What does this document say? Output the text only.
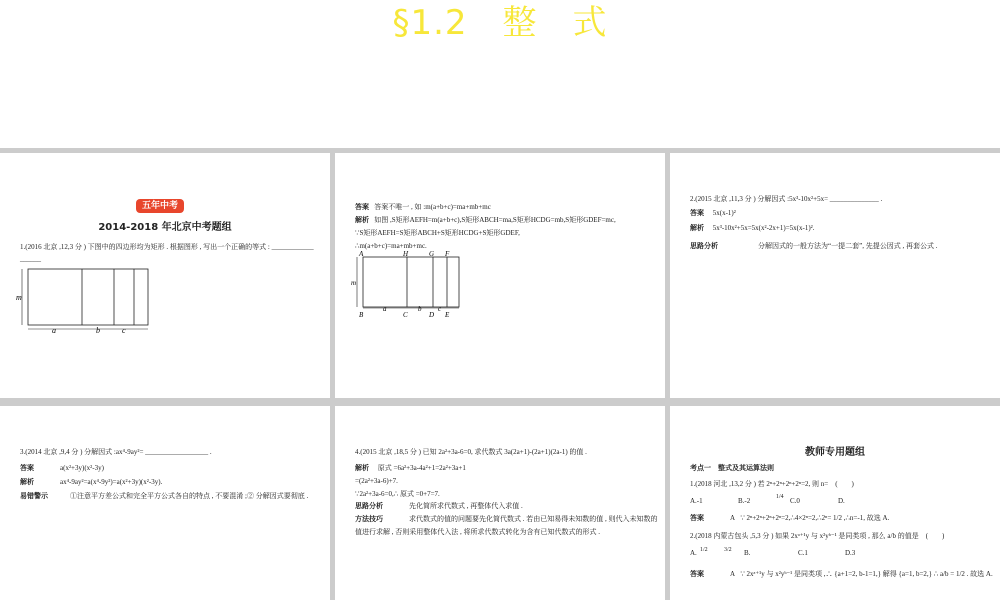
§1.2　整　式
五年中考

2014-2018 年北京中考题组

1.(2016 北京 ,12,3 分 ) 下图中的四边形均为矩形 . 根据图形 , 写出一个正确的等式 : ____________

______

m
a	b	c

答案 答案不唯一 , 如 :m(a+b+c)=ma+mb+mc

解析 如图 ,S矩形AEFH=m(a+b+c),S矩形ABCH=ma,S矩形HCDG=mb,S矩形GDEF=mc,

∵S矩形AEFH=S矩形ABCH+S矩形HCDG+S矩形GDEF,

∴m(a+b+c)=ma+mb+mc.

A	H	G F
B	C	D E
m
a	b c

2.(2015 北京 ,11,3 分 ) 分解因式 :5x³-10x²+5x= ______________ .

答案 5x(x-1)²

解析 5x³-10x²+5x=5x(x²-2x+1)=5x(x-1)².

思路分析	分解因式的一般方法为“一提二套”, 先提公因式 , 再套公式 .

3.(2014 北京 ,9,4 分 ) 分解因式 :ax⁴-9ay²= __________________ .

答案	a(x²+3y)(x²-3y)

解析	ax⁴-9ay²=a(x⁴-9y²)=a(x²+3y)(x²-3y).

易错警示	①注意平方差公式和完全平方公式各自的特点 , 不要混淆 ;② 分解因式要彻底 .

4.(2015 北京 ,18,5 分 ) 已知 2a²+3a-6=0, 求代数式 3a(2a+1)-(2a+1)(2a-1) 的值 .

解析 原式 =6a²+3a-4a²+1=2a²+3a+1

=(2a²+3a-6)+7.

∵2a²+3a-6=0,∴ 原式 =0+7=7.

思路分析	先化简所求代数式 , 再整体代入求值 .

方法技巧	求代数式的值的问题要先化简代数式 . 若由已知易得未知数的值 , 则代入未知数的

值进行求解 , 否则采用整体代入法 , 将所求代数式转化为含有已知代数式的形式 .

教师专用题组

考点一　整式及其运算法则

1.(2018 河北 ,13,2 分 ) 若 2ⁿ+2ⁿ+2ⁿ+2ⁿ=2, 则 n=　(　　)

A.-1	B.-2	1/4 C.0	D.

答案	A ∵ 2ⁿ+2ⁿ+2ⁿ+2ⁿ=2,∴4×2ⁿ=2,∴2ⁿ= 1/2 ,∴n=-1, 故选 A.

2.(2018 内蒙古包头 ,5,3 分 ) 如果 2xᵃ⁺¹y 与 x²yᵇ⁻¹ 是同类项 , 那么 a/b 的值是　(　　)

A. 1/2	3/2 B.	C.1	D.3

答案	A ∵ 2xᵃ⁺¹y 与 x²yᵇ⁻¹ 是同类项 ,∴ {a+1=2, b-1=1,} 解得 {a=1, b=2,} ∴ a/b = 1/2 . 故选 A.
